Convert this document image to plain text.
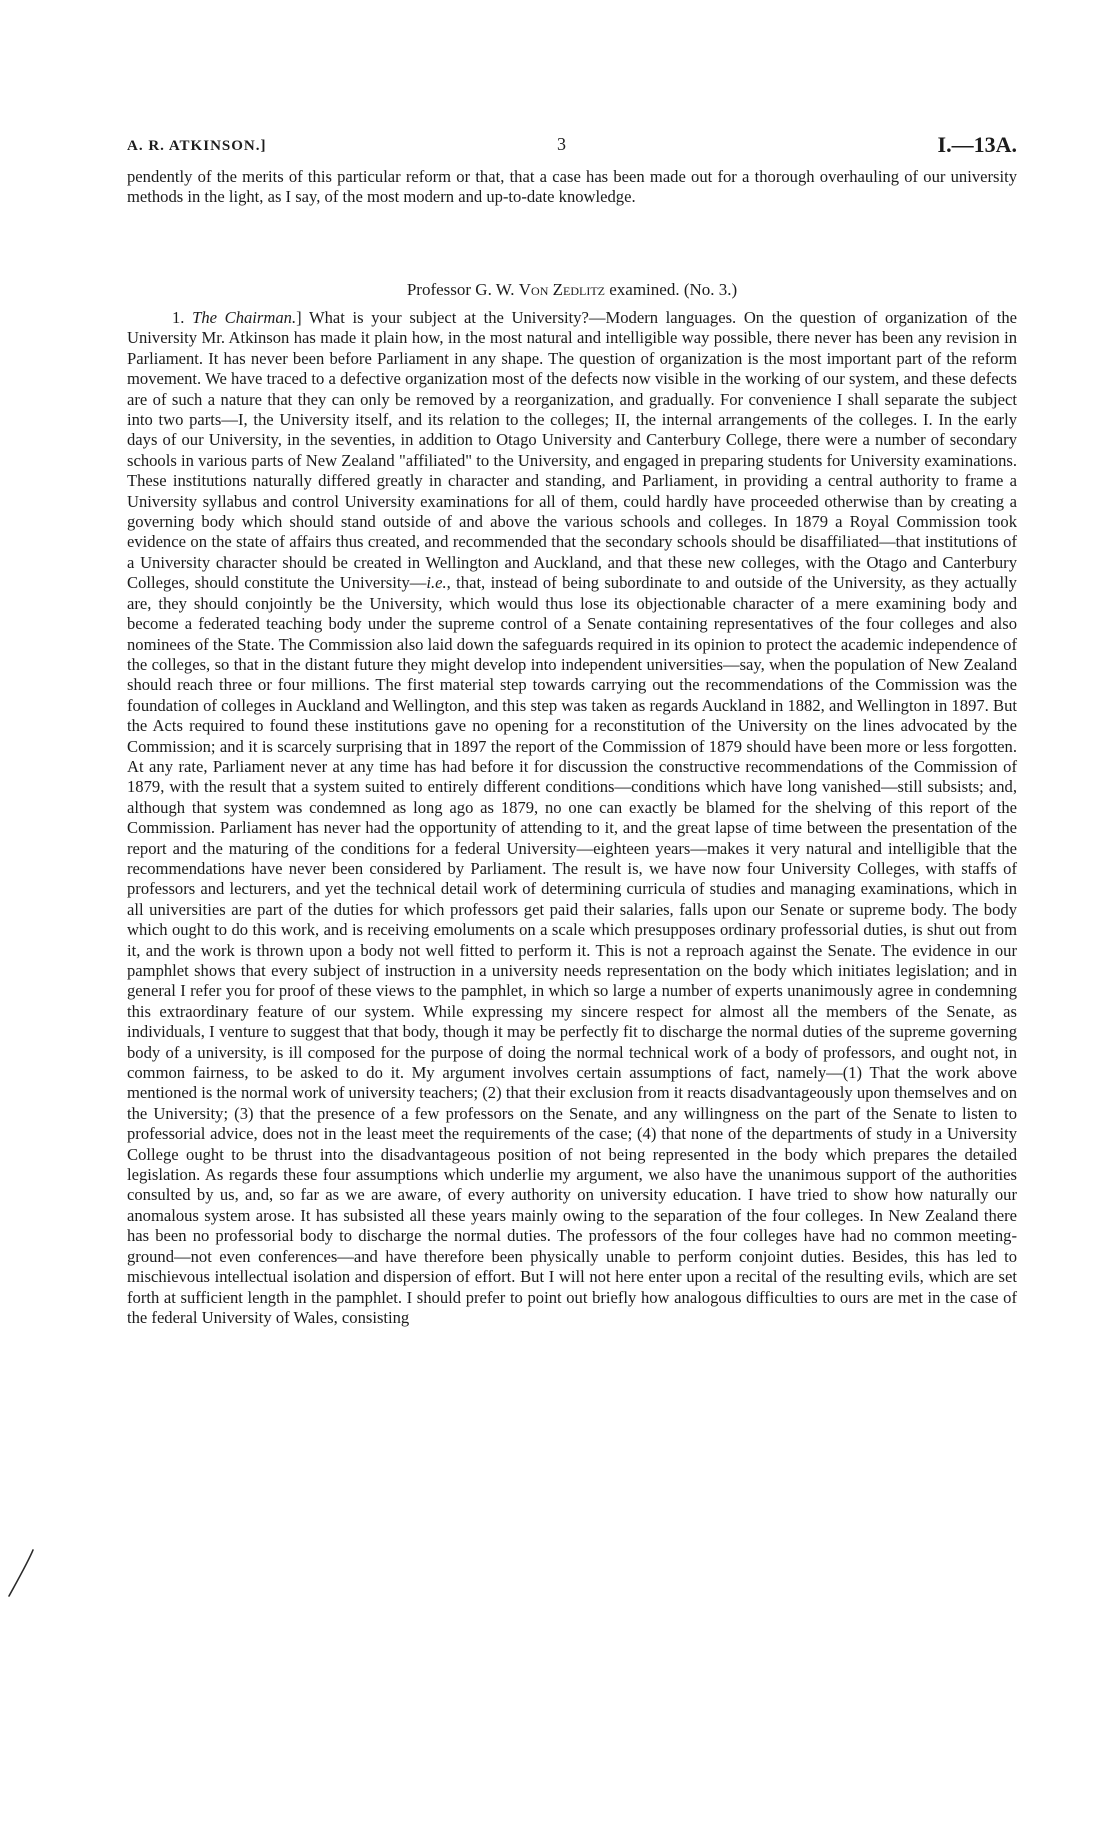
A. R. ATKINSON.]	3	I.—13A.
pendently of the merits of this particular reform or that, that a case has been made out for a thorough overhauling of our university methods in the light, as I say, of the most modern and up-to-date knowledge.
Professor G. W. Von Zedlitz examined. (No. 3.)
1. The Chairman.] What is your subject at the University?—Modern languages. On the question of organization of the University Mr. Atkinson has made it plain how, in the most natural and intelligible way possible, there never has been any revision in Parliament. It has never been before Parliament in any shape. The question of organization is the most important part of the reform movement. We have traced to a defective organization most of the defects now visible in the working of our system, and these defects are of such a nature that they can only be removed by a reorganization, and gradually. For convenience I shall separate the subject into two parts—I, the University itself, and its relation to the colleges; II, the internal arrangements of the colleges. I. In the early days of our University, in the seventies, in addition to Otago University and Canterbury College, there were a number of secondary schools in various parts of New Zealand "affiliated" to the University, and engaged in preparing students for University examinations. These institutions naturally differed greatly in character and standing, and Parliament, in providing a central authority to frame a University syllabus and control University examinations for all of them, could hardly have proceeded otherwise than by creating a governing body which should stand outside of and above the various schools and colleges. In 1879 a Royal Commission took evidence on the state of affairs thus created, and recommended that the secondary schools should be disaffiliated—that institutions of a University character should be created in Wellington and Auckland, and that these new colleges, with the Otago and Canterbury Colleges, should constitute the University—i.e., that, instead of being subordinate to and outside of the University, as they actually are, they should conjointly be the University, which would thus lose its objectionable character of a mere examining body and become a federated teaching body under the supreme control of a Senate containing representatives of the four colleges and also nominees of the State. The Commission also laid down the safeguards required in its opinion to protect the academic independence of the colleges, so that in the distant future they might develop into independent universities—say, when the population of New Zealand should reach three or four millions. The first material step towards carrying out the recommendations of the Commission was the foundation of colleges in Auckland and Wellington, and this step was taken as regards Auckland in 1882, and Wellington in 1897. But the Acts required to found these institutions gave no opening for a reconstitution of the University on the lines advocated by the Commission; and it is scarcely surprising that in 1897 the report of the Commission of 1879 should have been more or less forgotten. At any rate, Parliament never at any time has had before it for discussion the constructive recommendations of the Commission of 1879, with the result that a system suited to entirely different conditions—conditions which have long vanished—still subsists; and, although that system was condemned as long ago as 1879, no one can exactly be blamed for the shelving of this report of the Commission. Parliament has never had the opportunity of attending to it, and the great lapse of time between the presentation of the report and the maturing of the conditions for a federal University—eighteen years—makes it very natural and intelligible that the recommendations have never been considered by Parliament. The result is, we have now four University Colleges, with staffs of professors and lecturers, and yet the technical detail work of determining curricula of studies and managing examinations, which in all universities are part of the duties for which professors get paid their salaries, falls upon our Senate or supreme body. The body which ought to do this work, and is receiving emoluments on a scale which presupposes ordinary professorial duties, is shut out from it, and the work is thrown upon a body not well fitted to perform it. This is not a reproach against the Senate. The evidence in our pamphlet shows that every subject of instruction in a university needs representation on the body which initiates legislation; and in general I refer you for proof of these views to the pamphlet, in which so large a number of experts unanimously agree in condemning this extraordinary feature of our system. While expressing my sincere respect for almost all the members of the Senate, as individuals, I venture to suggest that that body, though it may be perfectly fit to discharge the normal duties of the supreme governing body of a university, is ill composed for the purpose of doing the normal technical work of a body of professors, and ought not, in common fairness, to be asked to do it. My argument involves certain assumptions of fact, namely—(1) That the work above mentioned is the normal work of university teachers; (2) that their exclusion from it reacts disadvantageously upon themselves and on the University; (3) that the presence of a few professors on the Senate, and any willingness on the part of the Senate to listen to professorial advice, does not in the least meet the requirements of the case; (4) that none of the departments of study in a University College ought to be thrust into the disadvantageous position of not being represented in the body which prepares the detailed legislation. As regards these four assumptions which underlie my argument, we also have the unanimous support of the authorities consulted by us, and, so far as we are aware, of every authority on university education. I have tried to show how naturally our anomalous system arose. It has subsisted all these years mainly owing to the separation of the four colleges. In New Zealand there has been no professorial body to discharge the normal duties. The professors of the four colleges have had no common meeting-ground—not even conferences—and have therefore been physically unable to perform conjoint duties. Besides, this has led to mischievous intellectual isolation and dispersion of effort. But I will not here enter upon a recital of the resulting evils, which are set forth at sufficient length in the pamphlet. I should prefer to point out briefly how analogous difficulties to ours are met in the case of the federal University of Wales, consisting
